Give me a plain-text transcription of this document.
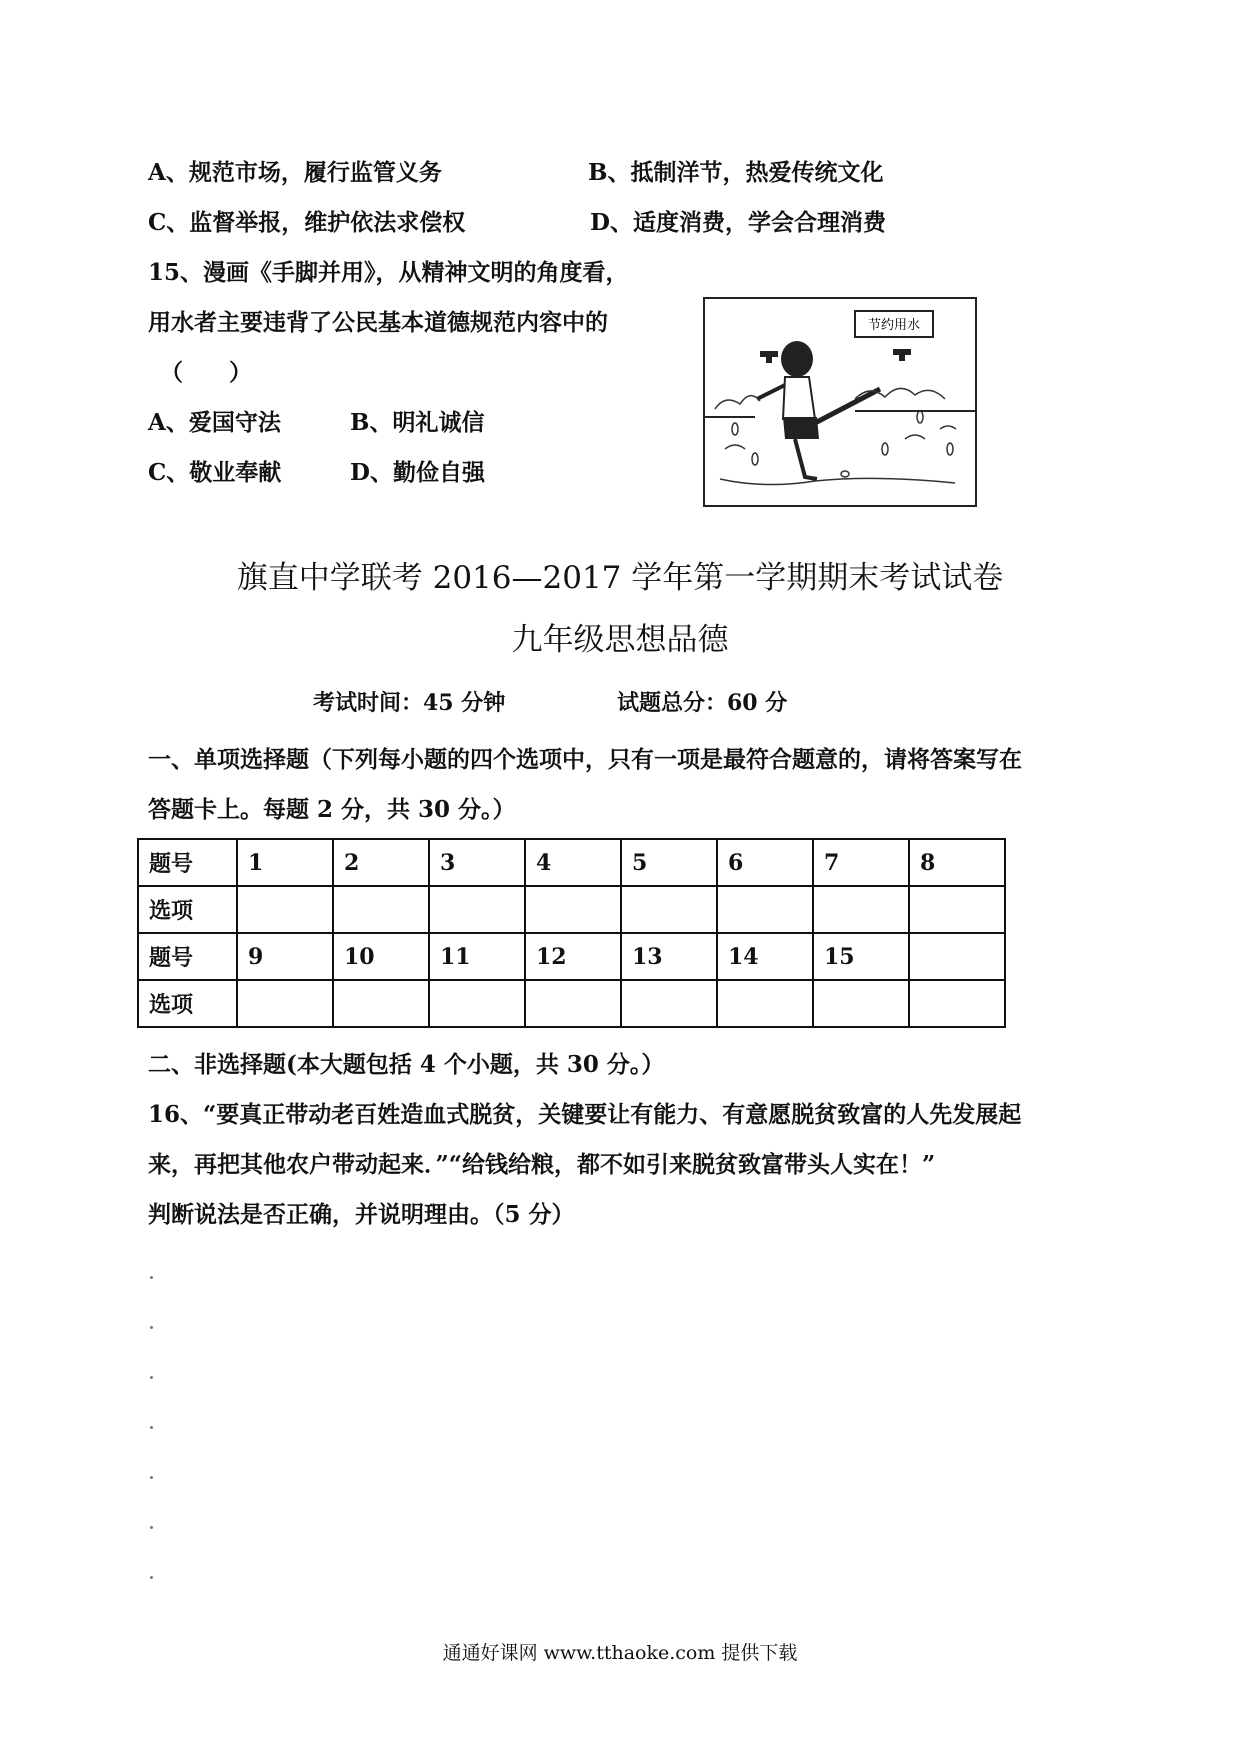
A、规范市场，履行监管义务	B、抵制洋节，热爱传统文化
C、监督举报，维护依法求偿权	D、适度消费，学会合理消费
15、漫画《手脚并用》，从精神文明的角度看，
用水者主要违背了公民基本道德规范内容中的
（　　）
A、爱国守法	B、明礼诚信
C、敬业奉献	D、勤俭自强
节约用水
旗直中学联考 2016—2017 学年第一学期期末考试试卷
九年级思想品德
考试时间：45 分钟	试题总分：60 分
一、单项选择题（下列每小题的四个选项中，只有一项是最符合题意的，请将答案写在
答题卡上。每题 2 分，共 30 分。）
题号	1	2	3	4	5	6	7	8
选项								
题号	9	10	11	12	13	14	15	
选项								
二、非选择题(本大题包括 4 个小题，共 30 分。）
16、“要真正带动老百姓造血式脱贫，关键要让有能力、有意愿脱贫致富的人先发展起
来，再把其他农户带动起来．”“给钱给粮，都不如引来脱贫致富带头人实在！”
判断说法是否正确，并说明理由。（5 分）
通通好课网 www.tthaoke.com 提供下载
